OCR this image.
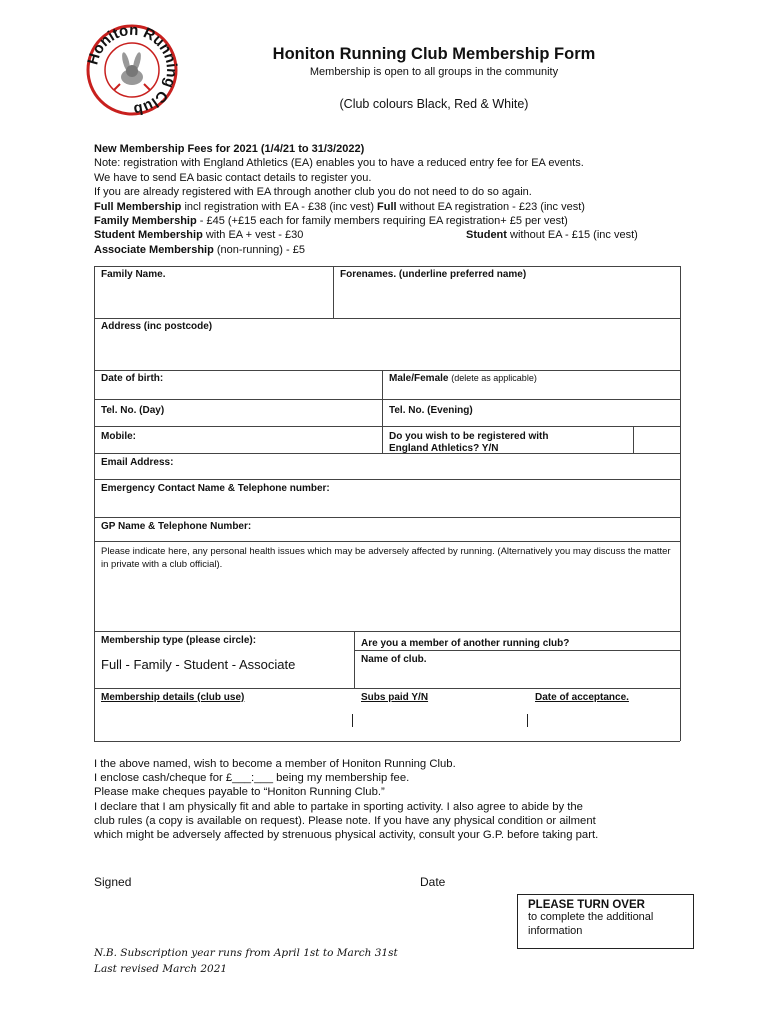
Honiton Running Club
Honiton Running Club Membership Form
Membership is open to all groups in the community
(Club colours Black, Red & White)
New Membership Fees for 2021 (1/4/21 to 31/3/2022)
Note: registration with England Athletics (EA) enables you to have a reduced entry fee for EA events.
We have to send EA basic contact details to register you.
If you are already registered with EA through another club you do not need to do so again.
Full Membership incl registration with EA - £38 (inc vest) Full without EA registration - £23 (inc vest)
Family Membership - £45 (+£15 each for family members requiring EA registration+ £5 per vest)
Student Membership with EA + vest - £30	Student without EA - £15 (inc vest)
Associate Membership (non-running) - £5
Family Name.	Forenames. (underline preferred name)
Address (inc postcode)
Date of birth:	Male/Female (delete as applicable)
Tel. No. (Day)	Tel. No. (Evening)
Mobile:	Do you wish to be registered with
England Athletics? Y/N
Email Address:
Emergency Contact Name & Telephone number:
GP Name & Telephone Number:
Please indicate here, any personal health issues which may be adversely affected by running. (Alternatively you may discuss the matter in private with a club official).
Membership type (please circle):
Full - Family - Student - Associate
Are you a member of another running club?
Name of club.
Membership details (club use)	Subs paid Y/N	Date of acceptance.
I the above named, wish to become a member of Honiton Running Club.
I enclose cash/cheque for £___:___ being my membership fee.
Please make cheques payable to “Honiton Running Club.”
I declare that I am physically fit and able to partake in sporting activity. I also agree to abide by the
club rules (a copy is available on request). Please note. If you have any physical condition or ailment
which might be adversely affected by strenuous physical activity, consult your G.P. before taking part.
Signed	Date
PLEASE TURN OVER
to complete the additional
information
N.B. Subscription year runs from April 1st to March 31st
Last revised March 2021
